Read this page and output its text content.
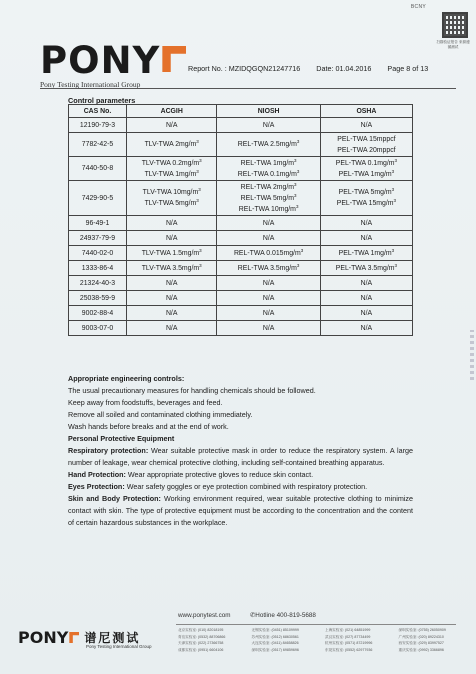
BCNY
扫描验证报告 来源遵循测试
PONY
Pony Testing International Group
Report No. : MZIDQGQN21247716 Date: 01.04.2016 Page 8 of 13
Control parameters
CAS No.	ACGIH	NIOSH	OSHA
12190-79-3	N/A	N/A	N/A

7782-42-5	TLV-TWA $2mg/m^3$	REL-TWA $2.5mg/m^3$	PEL-TWA 15mppcf
PEL-TWA 20mppcf

7440-50-8	TLV-TWA $0.2mg/m^3$
TLV-TWA $1mg/m^3$	REL-TWA $1mg/m^3$
REL-TWA $0.1mg/m^3$	PEL-TWA $0.1mg/m^3$
PEL-TWA $1mg/m^3$

7429-90-5	TLV-TWA $10mg/m^3$
TLV-TWA $5mg/m^3$	REL-TWA $2mg/m^3$
REL-TWA $5mg/m^3$
REL-TWA $10mg/m^3$	PEL-TWA $5mg/m^3$
PEL-TWA $15mg/m^3$

96-49-1	N/A	N/A	N/A

24937-79-9	N/A	N/A	N/A

7440-02-0	TLV-TWA $1.5mg/m^3$	REL-TWA $0.015mg/m^3$	PEL-TWA $1mg/m^3$

1333-86-4	TLV-TWA $3.5mg/m^3$	REL-TWA $3.5mg/m^3$	PEL-TWA $3.5mg/m^3$

21324-40-3	N/A	N/A	N/A

25038-59-9	N/A	N/A	N/A

9002-88-4	N/A	N/A	N/A

9003-07-0	N/A	N/A	N/A

Appropriate engineering controls:

The usual precautionary measures for handling chemicals should be followed.

Keep away from foodstuffs, beverages and feed.

Remove all soiled and contaminated clothing immediately.

Wash hands before breaks and at the end of work.

Personal Protective Equipment

Respiratory protection: Wear suitable protective mask in order to reduce the respiratory system. A large number of leakage, wear chemical protective clothing, including self-contained breathing apparatus.

Hand Protection: Wear appropriate protective gloves to reduce skin contact.

Eyes Protection: Wear safety goggles or eye protection combined with respiratory protection.

Skin and Body Protection: Working environment required, wear suitable protective clothing to minimize contact with skin. The type of protective equipment must be according to the concentration and the content of certain hazardous substances in the workplace.

www.ponytest.com	✆Hotline 400-819-5688
PONY 谱尼测试
Pony Testing International Group
北京实验室: (010) 82018195	无锡实验室: (0451) 85109999	上海实验室: (021) 64851999	深圳实验室: (0755) 26050909
青岛实验室: (0532) 88706866	苏州实验室: (0512) 68630561	武汉实验室: (027) 87734499	广州实验室: (020) 89224310
天津实验室: (022) 27366758	大连实验室: (0411) 84658826	杭州实验室: (0571) 87219996	西安实验室: (029) 83997527
成都实验室: (0951) 6604106	深圳实验室: (0517) 69859696	东莞实验室: (0552) 62977936	重庆实验室: (0992) 3366896
